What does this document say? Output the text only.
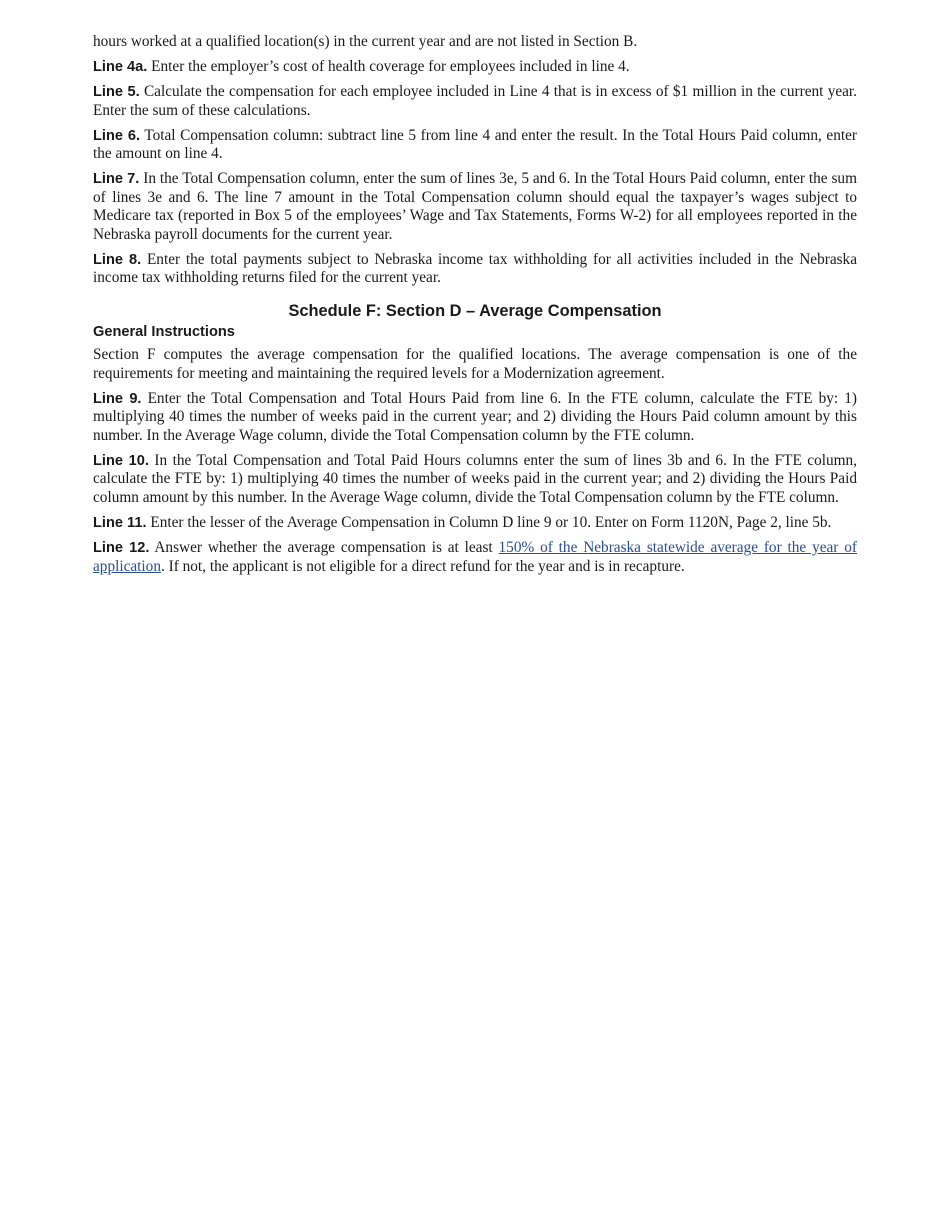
hours worked at a qualified location(s) in the current year and are not listed in Section B.

Line 4a. Enter the employer’s cost of health coverage for employees included in line 4.

Line 5. Calculate the compensation for each employee included in Line 4 that is in excess of $1 million in the current year. Enter the sum of these calculations.

Line 6. Total Compensation column: subtract line 5 from line 4 and enter the result. In the Total Hours Paid column, enter the amount on line 4.

Line 7. In the Total Compensation column, enter the sum of lines 3e, 5 and 6. In the Total Hours Paid column, enter the sum of lines 3e and 6. The line 7 amount in the Total Compensation column should equal the taxpayer’s wages subject to Medicare tax (reported in Box 5 of the employees’ Wage and Tax Statements, Forms W-2) for all employees reported in the Nebraska payroll documents for the current year.

Line 8. Enter the total payments subject to Nebraska income tax withholding for all activities included in the Nebraska income tax withholding returns filed for the current year.

Schedule F: Section D – Average Compensation
General Instructions

Section F computes the average compensation for the qualified locations. The average compensation is one of the requirements for meeting and maintaining the required levels for a Modernization agreement.

Line 9. Enter the Total Compensation and Total Hours Paid from line 6. In the FTE column, calculate the FTE by: 1) multiplying 40 times the number of weeks paid in the current year; and 2) dividing the Hours Paid column amount by this number. In the Average Wage column, divide the Total Compensation column by the FTE column.

Line 10. In the Total Compensation and Total Paid Hours columns enter the sum of lines 3b and 6. In the FTE column, calculate the FTE by: 1) multiplying 40 times the number of weeks paid in the current year; and 2) dividing the Hours Paid column amount by this number. In the Average Wage column, divide the Total Compensation column by the FTE column.

Line 11. Enter the lesser of the Average Compensation in Column D line 9 or 10. Enter on Form 1120N, Page 2, line 5b.

Line 12. Answer whether the average compensation is at least 150% of the Nebraska statewide average for the year of application. If not, the applicant is not eligible for a direct refund for the year and is in recapture.
